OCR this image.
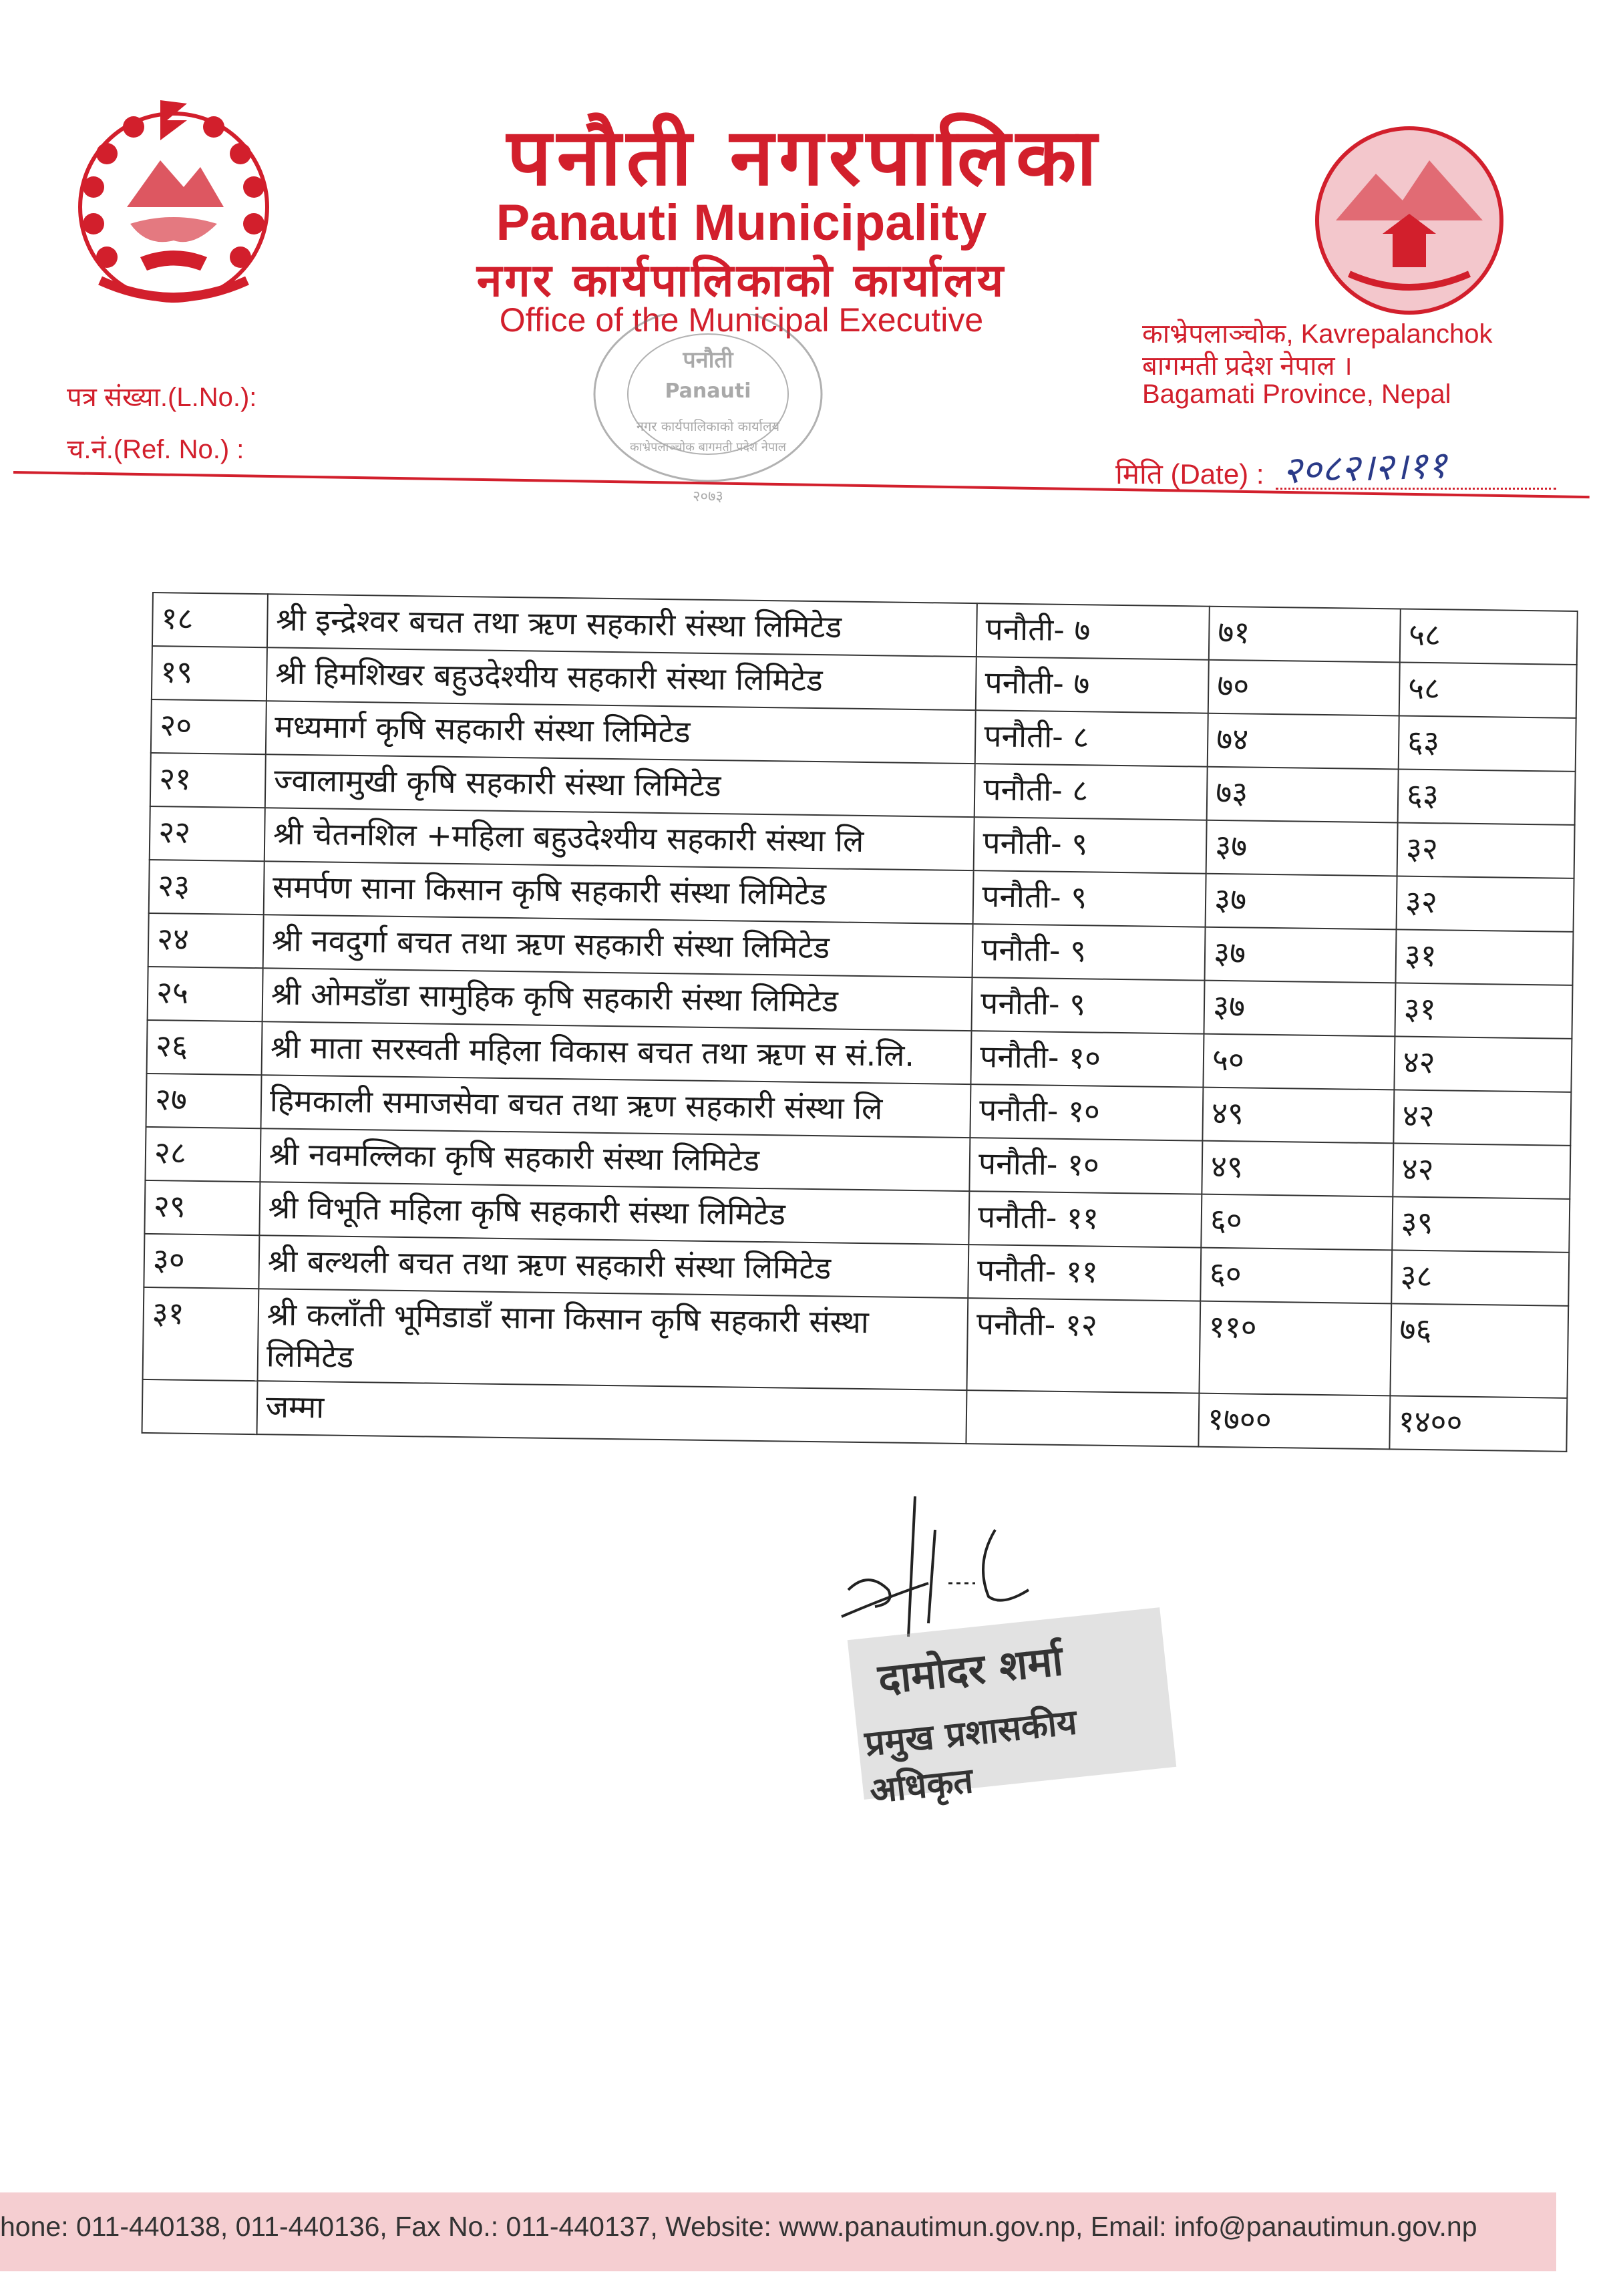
पनौती नगरपालिका
Panauti Municipality
नगर कार्यपालिकाको कार्यालय
Office of the Municipal Executive	काभ्रेपलाञ्चोक, Kavrepalanchok
बागमती प्रदेश नेपाल ।
Bagamati Province, Nepal
पत्र संख्या.(L.No.):
च.नं.(Ref. No.) :
मिति (Date) : २०८२।२।११
पनौती
Panauti
नगर कार्यपालिकाको कार्यालय
काभ्रेपलाञ्चोक बागमती प्रदेश नेपाल
२०७३
१८	श्री इन्द्रेश्वर बचत तथा ऋण सहकारी संस्था लिमिटेड	पनौती- ७	७१	५८
१९	श्री हिमशिखर बहुउदेश्यीय सहकारी संस्था लिमिटेड	पनौती- ७	७०	५८
२०	मध्यमार्ग कृषि सहकारी संस्था लिमिटेड	पनौती- ८	७४	६३
२१	ज्वालामुखी कृषि सहकारी संस्था लिमिटेड	पनौती- ८	७३	६३
२२	श्री चेतनशिल +महिला बहुउदेश्यीय सहकारी संस्था लि	पनौती- ९	३७	३२
२३	समर्पण साना किसान कृषि सहकारी संस्था लिमिटेड	पनौती- ९	३७	३२
२४	श्री नवदुर्गा बचत तथा ऋण सहकारी संस्था लिमिटेड	पनौती- ९	३७	३१
२५	श्री ओमडाँडा सामुहिक कृषि सहकारी संस्था लिमिटेड	पनौती- ९	३७	३१
२६	श्री माता सरस्वती महिला विकास बचत तथा ऋण स सं.लि.	पनौती- १०	५०	४२
२७	हिमकाली समाजसेवा बचत तथा ऋण सहकारी संस्था लि	पनौती- १०	४९	४२
२८	श्री नवमल्लिका कृषि सहकारी संस्था लिमिटेड	पनौती- १०	४९	४२
२९	श्री विभूति महिला कृषि सहकारी संस्था लिमिटेड	पनौती- ११	६०	३९
३०	श्री बल्थली बचत तथा ऋण सहकारी संस्था लिमिटेड	पनौती- ११	६०	३८
३१	श्री कलाँती भूमिडाडाँ साना किसान कृषि सहकारी संस्था लिमिटेड	पनौती- १२	११०	७६
	जम्मा		१७००	१४००
दामोदर शर्मा
प्रमुख प्रशासकीय अधिकृत
hone: 011-440138, 011-440136, Fax No.: 011-440137, Website: www.panautimun.gov.np, Email: info@panautimun.gov.np
